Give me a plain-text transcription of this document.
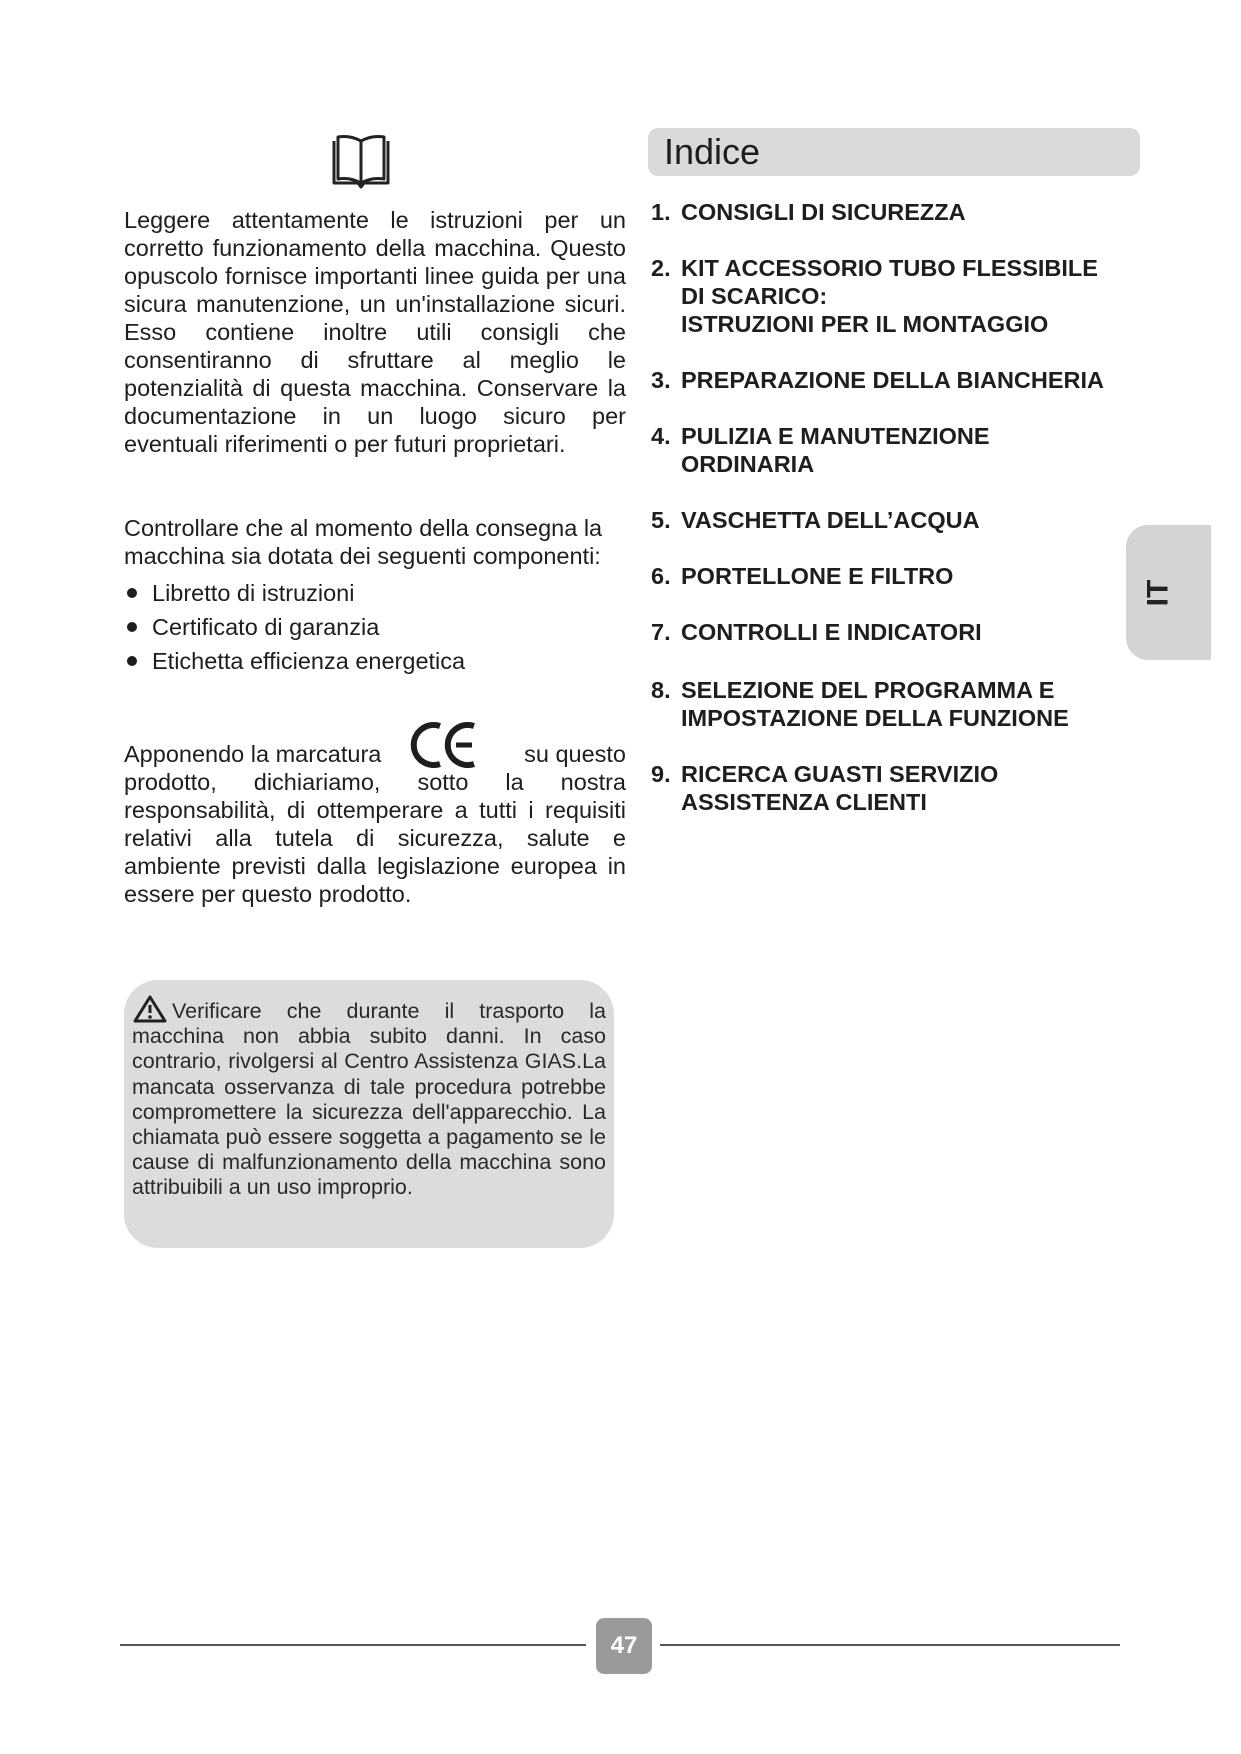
Leggere attentamente le istruzioni per un corretto funzionamento della macchina. Questo opuscolo fornisce importanti linee guida per una sicura manutenzione, un un'installazione sicuri. Esso contiene inoltre utili consigli che consentiranno di sfruttare al meglio le potenzialità di questa macchina. Conservare la documentazione in un luogo sicuro per eventuali riferimenti o per futuri proprietari.

Controllare che al momento della consegna la macchina sia dotata dei seguenti componenti:

Libretto di istruzioni
Certificato di garanzia
Etichetta efficienza energetica
Apponendo la marcatura	su questo

prodotto, dichiariamo, sotto la nostra responsabilità, di ottemperare a tutti i requisiti relativi alla tutela di sicurezza, salute e ambiente previsti dalla legislazione europea in essere per questo prodotto.

Verificare che durante il trasporto la macchina non abbia subito danni. In caso contrario, rivolgersi al Centro Assistenza GIAS.La mancata osservanza di tale procedura potrebbe compromettere la sicurezza dell'apparecchio. La chiamata può essere soggetta a pagamento se le cause di malfunzionamento della macchina sono attribuibili a un uso improprio.
Indice
1. CONSIGLI DI SICUREZZA
2. KIT ACCESSORIO TUBO FLESSIBILE
DI SCARICO:
ISTRUZIONI PER IL MONTAGGIO
3. PREPARAZIONE DELLA BIANCHERIA
4. PULIZIA E MANUTENZIONE
ORDINARIA
5. VASCHETTA DELL’ACQUA
6. PORTELLONE E FILTRO
7. CONTROLLI E INDICATORI
8. SELEZIONE DEL PROGRAMMA E
IMPOSTAZIONE DELLA FUNZIONE
9. RICERCA GUASTI SERVIZIO
ASSISTENZA CLIENTI
IT
47
